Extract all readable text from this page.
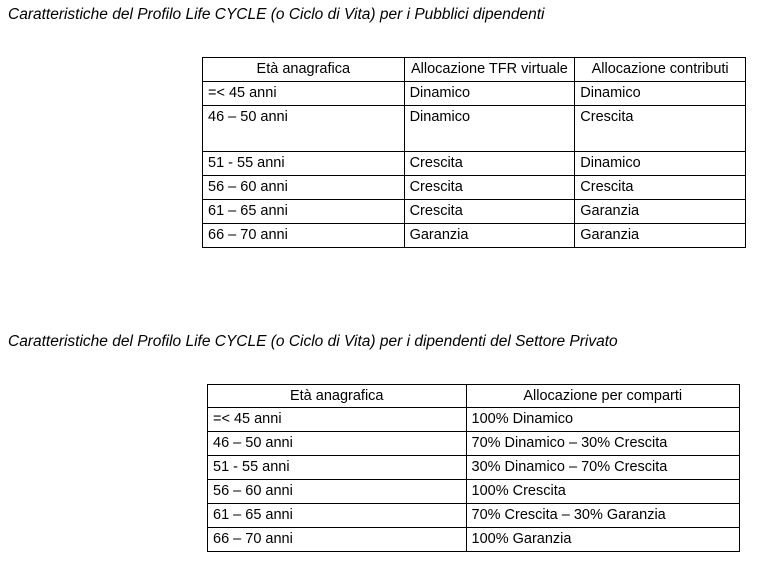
Caratteristiche del Profilo Life CYCLE (o Ciclo di Vita) per i Pubblici dipendenti

Età anagrafica	Allocazione TFR virtuale	Allocazione contributi
=< 45 anni	Dinamico	Dinamico
46 – 50 anni	Dinamico	Crescita
51 - 55 anni	Crescita	Dinamico
56 – 60 anni	Crescita	Crescita
61 – 65 anni	Crescita	Garanzia
66 – 70 anni	Garanzia	Garanzia

Caratteristiche del Profilo Life CYCLE (o Ciclo di Vita) per i dipendenti del Settore Privato

Età anagrafica	Allocazione per comparti
=< 45 anni	100% Dinamico
46 – 50 anni	70% Dinamico – 30% Crescita
51 - 55 anni	30% Dinamico – 70% Crescita
56 – 60 anni	100% Crescita
61 – 65 anni	70% Crescita – 30% Garanzia
66 – 70 anni	100% Garanzia
